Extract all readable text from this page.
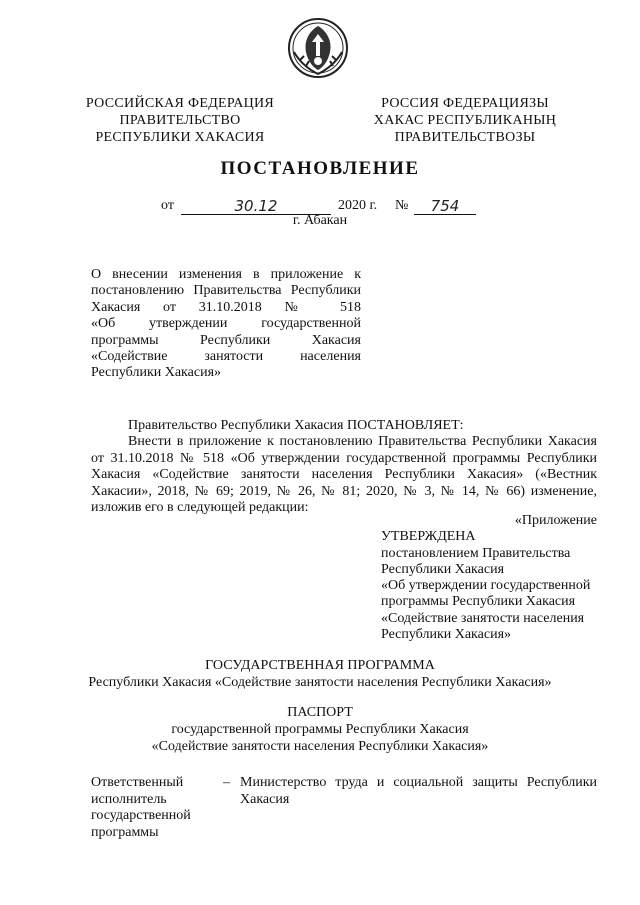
РОССИЙСКАЯ ФЕДЕРАЦИЯ
ПРАВИТЕЛЬСТВО
РЕСПУБЛИКИ ХАКАСИЯ
РОССИЯ ФЕДЕРАЦИЯЗЫ
ХАКАС РЕСПУБЛИКАНЫҢ
ПРАВИТЕЛЬСТВОЗЫ
ПОСТАНОВЛЕНИЕ
от	30.12	2020 г. №	754
г. Абакан

О внесении изменения в приложение к

постановлению Правительства Республики

Хакасия от 31.10.2018 № 518

«Об утверждении государственной

программы Республики Хакасия

«Содействие занятости населения

Республики Хакасия»

Правительство Республики Хакасия ПОСТАНОВЛЯЕТ:

Внести в приложение к постановлению Правительства Республики Хакасия от 31.10.2018 № 518 «Об утверждении государственной программы Республики Хакасия «Содействие занятости населения Республики Хакасия» («Вестник Хакасии», 2018, № 69; 2019, № 26, № 81; 2020, № 3, № 14, № 66) изменение, изложив его в следующей редакции:

«Приложение
УТВЕРЖДЕНА
постановлением Правительства
Республики Хакасия
«Об утверждении государственной
программы Республики Хакасия
«Содействие занятости населения
Республики Хакасия»
ГОСУДАРСТВЕННАЯ ПРОГРАММА
Республики Хакасия «Содействие занятости населения Республики Хакасия»
ПАСПОРТ
государственной программы Республики Хакасия
«Содействие занятости населения Республики Хакасия»
Ответственный
исполнитель
государственной
программы
– Министерство труда и социальной защиты Республики Хакасия
